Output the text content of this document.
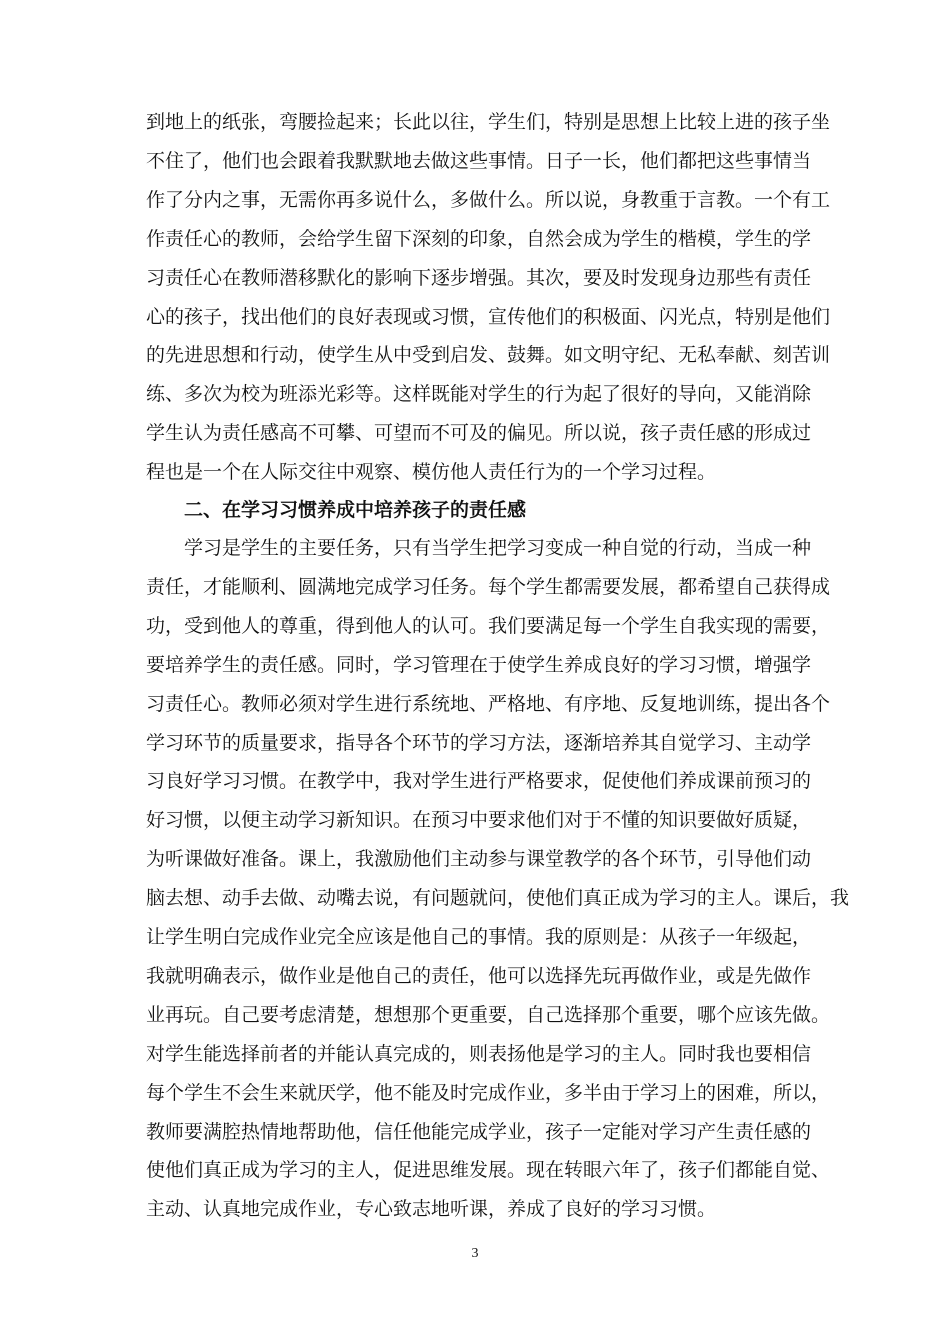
到地上的纸张，弯腰捡起来；长此以往，学生们，特别是思想上比较上进的孩子坐
不住了，他们也会跟着我默默地去做这些事情。日子一长，他们都把这些事情当
作了分内之事，无需你再多说什么，多做什么。所以说，身教重于言教。一个有工
作责任心的教师，会给学生留下深刻的印象，自然会成为学生的楷模，学生的学
习责任心在教师潜移默化的影响下逐步增强。其次，要及时发现身边那些有责任
心的孩子，找出他们的良好表现或习惯，宣传他们的积极面、闪光点，特别是他们
的先进思想和行动，使学生从中受到启发、鼓舞。如文明守纪、无私奉献、刻苦训
练、多次为校为班添光彩等。这样既能对学生的行为起了很好的导向，又能消除
学生认为责任感高不可攀、可望而不可及的偏见。所以说，孩子责任感的形成过
程也是一个在人际交往中观察、模仿他人责任行为的一个学习过程。
二、在学习习惯养成中培养孩子的责任感
　　学习是学生的主要任务，只有当学生把学习变成一种自觉的行动，当成一种
责任，才能顺利、圆满地完成学习任务。每个学生都需要发展，都希望自己获得成
功，受到他人的尊重，得到他人的认可。我们要满足每一个学生自我实现的需要，
要培养学生的责任感。同时，学习管理在于使学生养成良好的学习习惯，增强学
习责任心。教师必须对学生进行系统地、严格地、有序地、反复地训练，提出各个
学习环节的质量要求，指导各个环节的学习方法，逐渐培养其自觉学习、主动学
习良好学习习惯。在教学中，我对学生进行严格要求，促使他们养成课前预习的
好习惯，以便主动学习新知识。在预习中要求他们对于不懂的知识要做好质疑，
为听课做好准备。课上，我激励他们主动参与课堂教学的各个环节，引导他们动
脑去想、动手去做、动嘴去说，有问题就问，使他们真正成为学习的主人。课后，我
让学生明白完成作业完全应该是他自己的事情。我的原则是：从孩子一年级起，
我就明确表示，做作业是他自己的责任，他可以选择先玩再做作业，或是先做作
业再玩。自己要考虑清楚，想想那个更重要，自己选择那个重要，哪个应该先做。
对学生能选择前者的并能认真完成的，则表扬他是学习的主人。同时我也要相信
每个学生不会生来就厌学，他不能及时完成作业，多半由于学习上的困难，所以，
教师要满腔热情地帮助他，信任他能完成学业，孩子一定能对学习产生责任感的
使他们真正成为学习的主人，促进思维发展。现在转眼六年了，孩子们都能自觉、
主动、认真地完成作业，专心致志地听课，养成了良好的学习习惯。
3
